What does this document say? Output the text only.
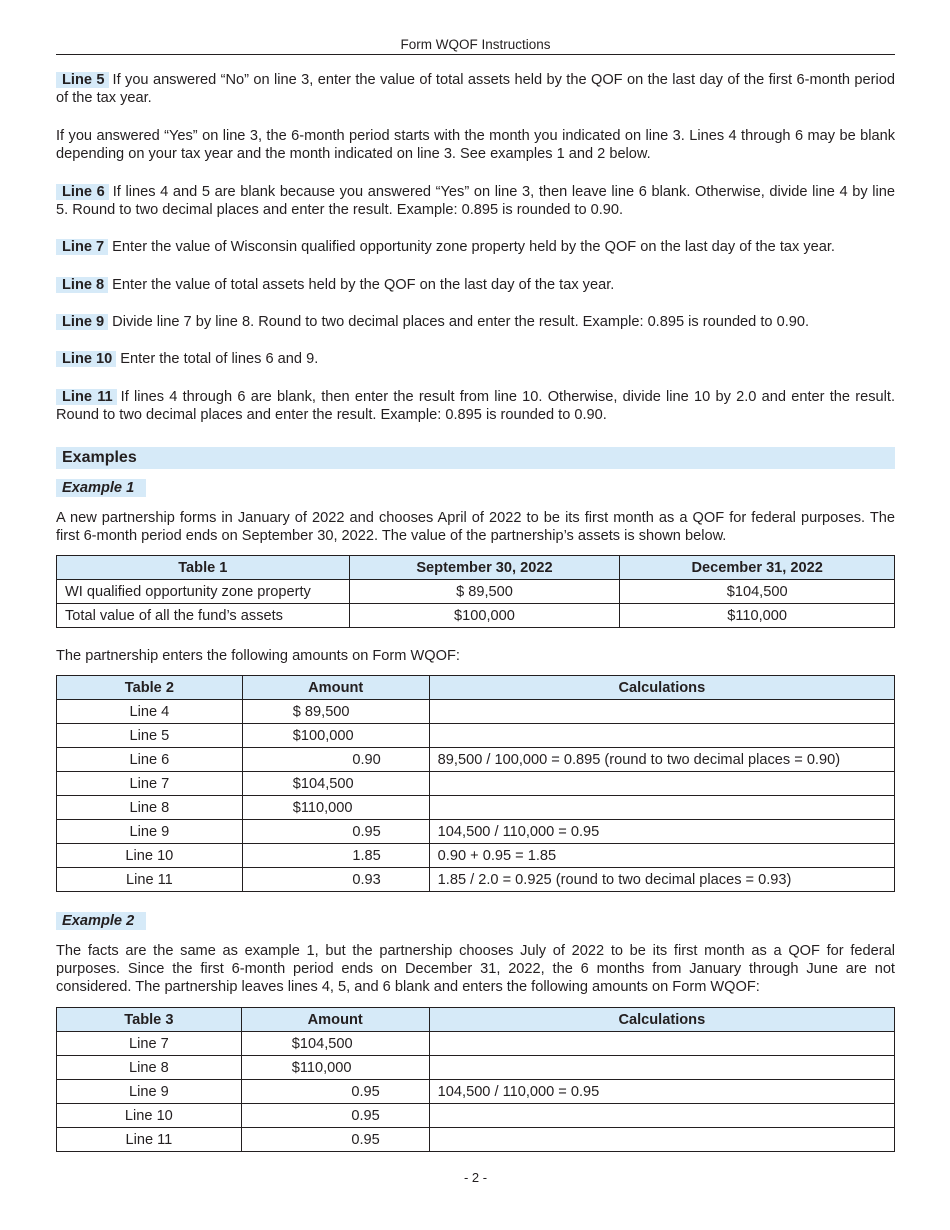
Form WQOF Instructions

Line 5 If you answered “No” on line 3, enter the value of total assets held by the QOF on the last day of the first 6-month period of the tax year.

If you answered “Yes” on line 3, the 6-month period starts with the month you indicated on line 3. Lines 4 through 6 may be blank depending on your tax year and the month indicated on line 3. See examples 1 and 2 below.

Line 6 If lines 4 and 5 are blank because you answered “Yes” on line 3, then leave line 6 blank. Otherwise, divide line 4 by line 5. Round to two decimal places and enter the result. Example: 0.895 is rounded to 0.90.

Line 7 Enter the value of Wisconsin qualified opportunity zone property held by the QOF on the last day of the tax year.

Line 8 Enter the value of total assets held by the QOF on the last day of the tax year.

Line 9 Divide line 7 by line 8. Round to two decimal places and enter the result. Example: 0.895 is rounded to 0.90.

Line 10 Enter the total of lines 6 and 9.

Line 11 If lines 4 through 6 are blank, then enter the result from line 10. Otherwise, divide line 10 by 2.0 and enter the result. Round to two decimal places and enter the result. Example: 0.895 is rounded to 0.90.

Examples
Example 1

A new partnership forms in January of 2022 and chooses April of 2022 to be its first month as a QOF for federal purposes. The first 6-month period ends on September 30, 2022. The value of the partnership’s assets is shown below.

Table 1	September 30, 2022	December 31, 2022
WI qualified opportunity zone property	$ 89,500	$104,500
Total value of all the fund’s assets	$100,000	$110,000

The partnership enters the following amounts on Form WQOF:

Table 2	Amount	Calculations
Line 4	$ 89,500	
Line 5	$100,000	
Line 6	0.90	89,500 / 100,000 = 0.895 (round to two decimal places = 0.90)
Line 7	$104,500	
Line 8	$110,000	
Line 9	0.95	104,500 / 110,000 = 0.95
Line 10	1.85	0.90 + 0.95 = 1.85
Line 11	0.93	1.85 / 2.0 = 0.925 (round to two decimal places = 0.93)
Example 2

The facts are the same as example 1, but the partnership chooses July of 2022 to be its first month as a QOF for federal purposes. Since the first 6-month period ends on December 31, 2022, the 6 months from January through June are not considered. The partnership leaves lines 4, 5, and 6 blank and enters the following amounts on Form WQOF:

Table 3	Amount	Calculations
Line 7	$104,500	
Line 8	$110,000	
Line 9	0.95	104,500 / 110,000 = 0.95
Line 10	0.95	
Line 11	0.95	
- 2 -
